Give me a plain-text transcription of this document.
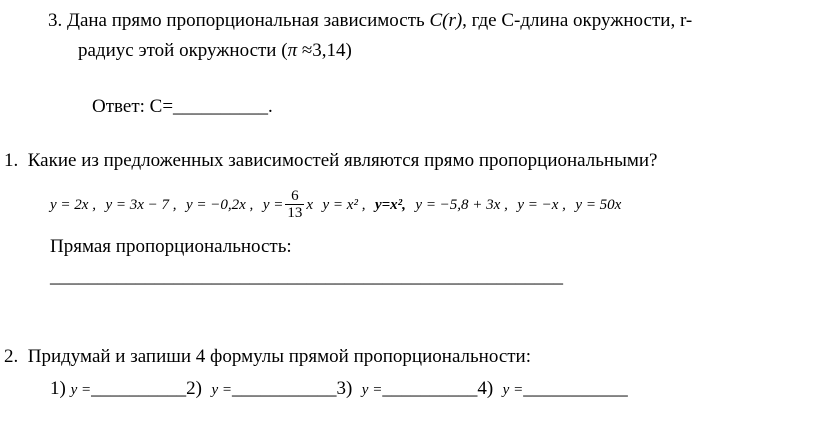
3. Дана прямо пропорциональная зависимость C(r), где С-длина окружности, r-
радиус этой окружности (π ≈3,14)
Ответ: С=__________.
1. Какие из предложенных зависимостей являются прямо пропорциональными?
y = 2x , y = 3x − 7 , y = −0,2x , $y = \frac{6}{13}$ x y = x² , y=x², y = −5,8 + 3x , y = −x , y = 50x
Прямая пропорциональность:
______________________________________________________
2. Придумай и запиши 4 формулы прямой пропорциональности:
1) y =__________2) y =___________3) y =__________4) y =___________
